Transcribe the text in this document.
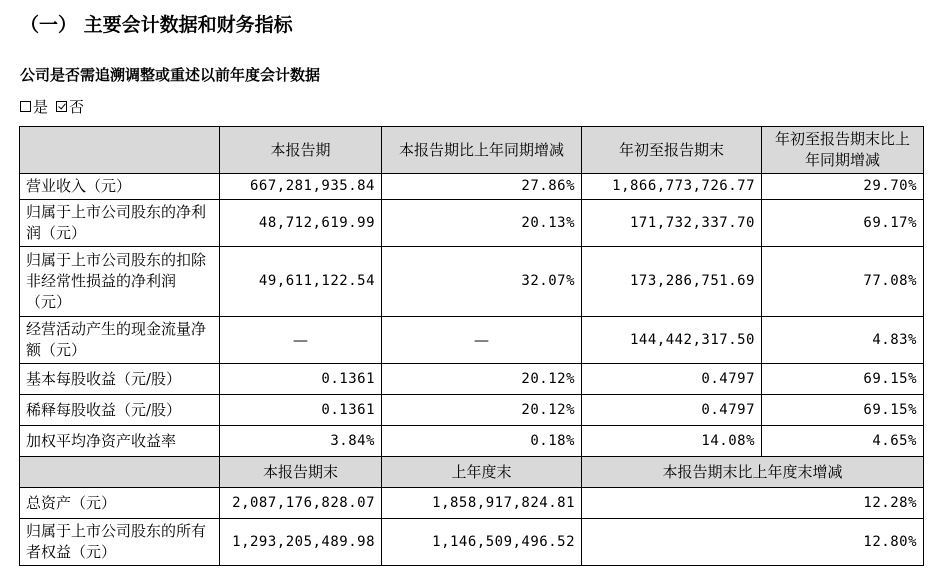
（一） 主要会计数据和财务指标
公司是否需追溯调整或重述以前年度会计数据
是 否
	本报告期	本报告期比上年同期增减	年初至报告期末	年初至报告期末比上年同期增减
营业收入（元）	667,281,935.84	27.86%	1,866,773,726.77	29.70%
归属于上市公司股东的净利润（元）	48,712,619.99	20.13%	171,732,337.70	69.17%
归属于上市公司股东的扣除非经常性损益的净利润（元）	49,611,122.54	32.07%	173,286,751.69	77.08%
经营活动产生的现金流量净额（元）	—	—	144,442,317.50	4.83%
基本每股收益（元/股）	0.1361	20.12%	0.4797	69.15%
稀释每股收益（元/股）	0.1361	20.12%	0.4797	69.15%
加权平均净资产收益率	3.84%	0.18%	14.08%	4.65%
	本报告期末	上年度末	本报告期末比上年度末增减	
总资产（元）	2,087,176,828.07	1,858,917,824.81	12.28%	
归属于上市公司股东的所有者权益（元）	1,293,205,489.98	1,146,509,496.52	12.80%	
